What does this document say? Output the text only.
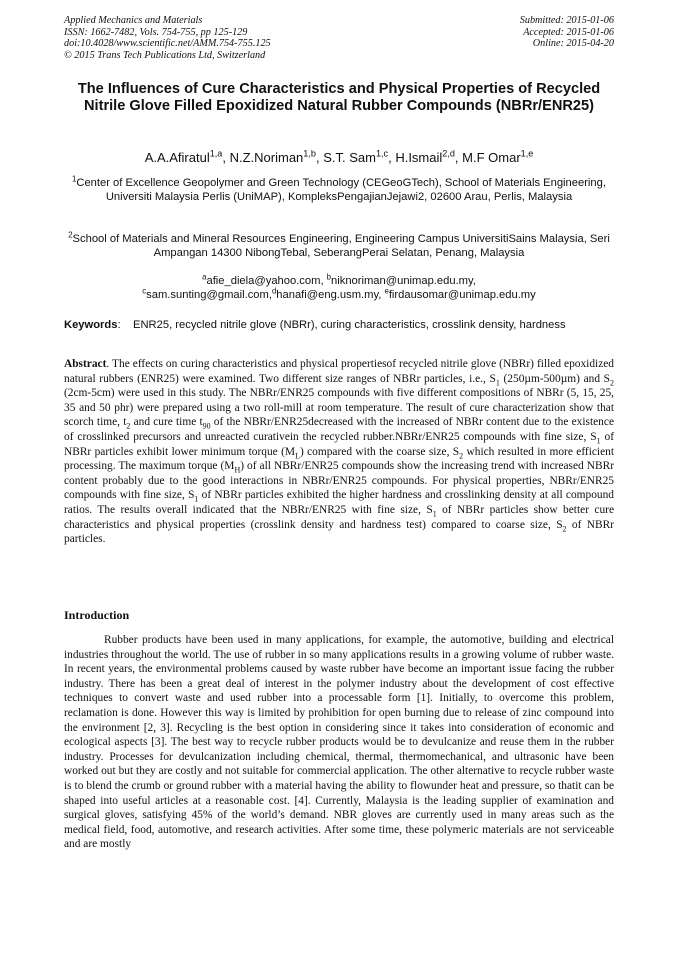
Applied Mechanics and Materials
ISSN: 1662-7482, Vols. 754-755, pp 125-129
doi:10.4028/www.scientific.net/AMM.754-755.125
© 2015 Trans Tech Publications Ltd, Switzerland
Submitted: 2015-01-06
Accepted: 2015-01-06
Online: 2015-04-20
The Influences of Cure Characteristics and Physical Properties of Recycled Nitrile Glove Filled Epoxidized Natural Rubber Compounds (NBRr/ENR25)
A.A.Afiratul$^{1,a}$, N.Z.Noriman$^{1,b}$, S.T. Sam$^{1,c}$, H.Ismail$^{2,d}$, M.F Omar$^{1,e}$
$^1$Center of Excellence Geopolymer and Green Technology (CEGeoGTech), School of Materials Engineering, Universiti Malaysia Perlis (UniMAP), KompleksPengajianJejawi2, 02600 Arau, Perlis, Malaysia
$^2$School of Materials and Mineral Resources Engineering, Engineering Campus UniversitiSains Malaysia, Seri Ampangan 14300 NibongTebal, SeberangPerai Selatan, Penang, Malaysia
$^a$afie_diela@yahoo.com, $^b$niknoriman@unimap.edu.my,
$^c$sam.sunting@gmail.com,$^d$hanafi@eng.usm.my, $^e$firdausomar@unimap.edu.my
Keywords:    ENR25, recycled nitrile glove (NBRr), curing characteristics, crosslink density, hardness
Abstract. The effects on curing characteristics and physical propertiesof recycled nitrile glove (NBRr) filled epoxidized natural rubbers (ENR25) were examined. Two different size ranges of NBRr particles, i.e., $S_1$ (250µm-500µm) and $S_2$ (2cm-5cm) were used in this study. The NBRr/ENR25 compounds with five different compositions of NBRr (5, 15, 25, 35 and 50 phr) were prepared using a two roll-mill at room temperature. The result of cure characterization show that scorch time, $t_2$ and cure time $t_{90}$ of the NBRr/ENR25decreased with the increased of NBRr content due to the existence of crosslinked precursors and unreacted curativein the recycled rubber.NBRr/ENR25 compounds with fine size, $S_1$ of NBRr particles exhibit lower minimum torque $(M_L)$ compared with the coarse size, $S_2$ which resulted in more efficient processing. The maximum torque $(M_H)$ of all NBRr/ENR25 compounds show the increasing trend with increased NBRr content probably due to the good interactions in NBRr/ENR25 compounds. For physical properties, NBRr/ENR25 compounds with fine size, $S_1$ of NBRr particles exhibited the higher hardness and crosslinking density at all compound ratios. The results overall indicated that the NBRr/ENR25 with fine size, $S_1$ of NBRr particles show better cure characteristics and physical properties (crosslink density and hardness test) compared to coarse size, $S_2$ of NBRr particles.
Introduction
Rubber products have been used in many applications, for example, the automotive, building and electrical industries throughout the world. The use of rubber in so many applications results in a growing volume of rubber waste. In recent years, the environmental problems caused by waste rubber have become an important issue facing the rubber industry. There has been a great deal of interest in the polymer industry about the development of cost effective techniques to convert waste and used rubber into a processable form [1]. Initially, to overcome this problem, reclamation is done. However this way is limited by prohibition for open burning due to release of zinc compound into the environment [2, 3]. Recycling is the best option in considering since it takes into consideration of economic and ecological aspects [3]. The best way to recycle rubber products would be to devulcanize and reuse them in the rubber industry. Processes for devulcanization including chemical, thermal, thermomechanical, and ultrasonic have been worked out but they are costly and not suitable for commercial application. The other alternative to recycle rubber waste is to blend the crumb or ground rubber with a material having the ability to flowunder heat and pressure, so thatit can be shaped into useful articles at a reasonable cost. [4]. Currently, Malaysia is the leading supplier of examination and surgical gloves, satisfying 45% of the world’s demand. NBR gloves are currently used in many areas such as the medical field, food, automotive, and research activities. After some time, these polymeric materials are not serviceable and are mostly
